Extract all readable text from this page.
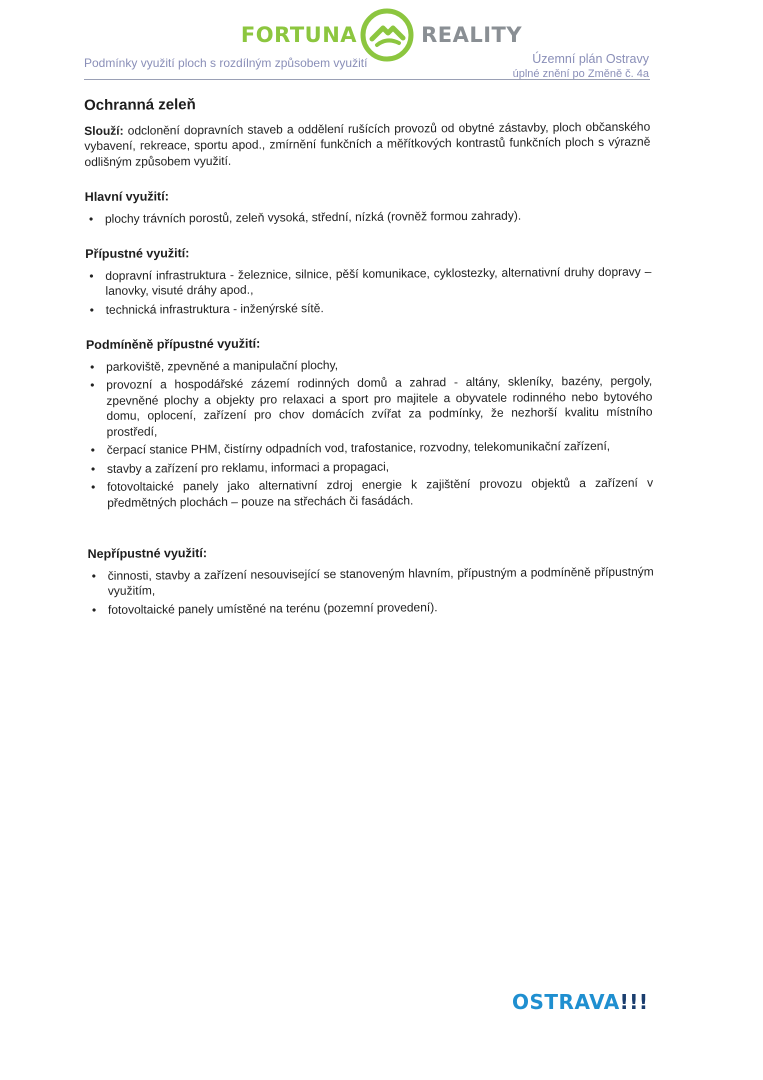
FORTUNA	REALITY
Podmínky využití ploch s rozdílným způsobem využití	Územní plán Ostravy
úplné znění po Změně č. 4a
Ochranná zeleň

Slouží: odclonění dopravních staveb a oddělení rušících provozů od obytné zástavby, ploch občanského vybavení, rekreace, sportu apod., zmírnění funkčních a měřítkových kontrastů funkčních ploch s výrazně odlišným způsobem využití.

Hlavní využití:
• plochy trávních porostů, zeleň vysoká, střední, nízká (rovněž formou zahrady).
Přípustné využití:
• dopravní infrastruktura - železnice, silnice, pěší komunikace, cyklostezky, alternativní druhy dopravy – lanovky, visuté dráhy apod.,
• technická infrastruktura - inženýrské sítě.
Podmíněně přípustné využití:
• parkoviště, zpevněné a manipulační plochy,
• provozní a hospodářské zázemí rodinných domů a zahrad - altány, skleníky, bazény, pergoly, zpevněné plochy a objekty pro relaxaci a sport pro majitele a obyvatele rodinného nebo bytového domu, oplocení, zařízení pro chov domácích zvířat za podmínky, že nezhorší kvalitu místního prostředí,
• čerpací stanice PHM, čistírny odpadních vod, trafostanice, rozvodny, telekomunikační zařízení,
• stavby a zařízení pro reklamu, informaci a propagaci,
• fotovoltaické panely jako alternativní zdroj energie k zajištění provozu objektů a zařízení v předmětných plochách – pouze na střechách či fasádách.
Nepřípustné využití:
• činnosti, stavby a zařízení nesouvisející se stanoveným hlavním, přípustným a podmíněně přípustným využitím,
• fotovoltaické panely umístěné na terénu (pozemní provedení).
OSTRAVA!!!
